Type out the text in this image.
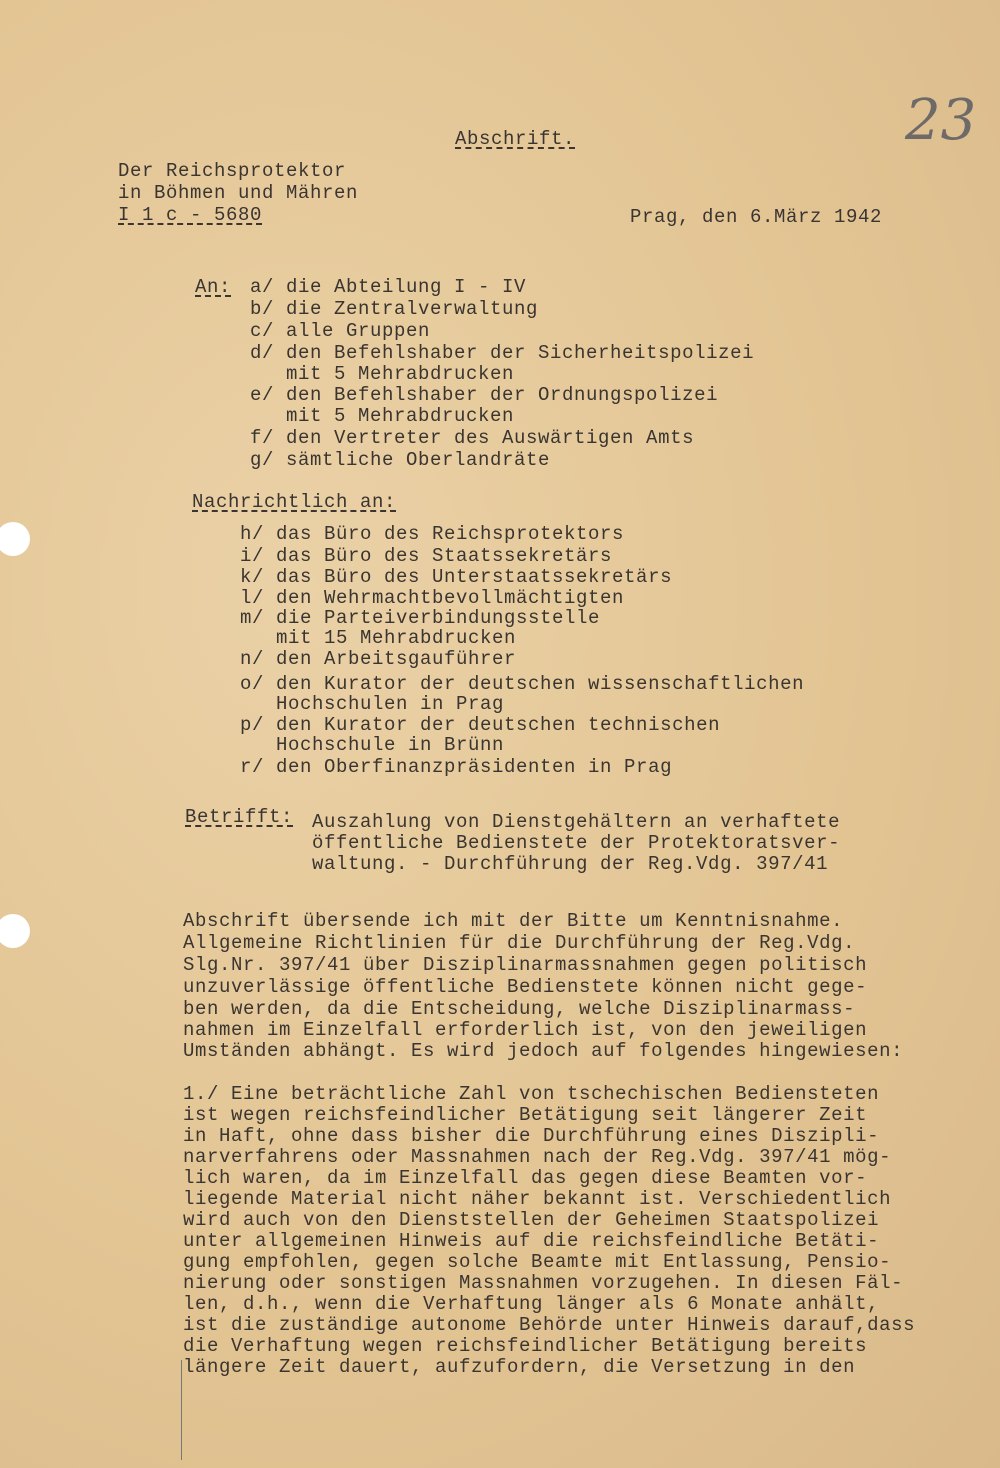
23
Abschrift.
Der Reichsprotektor
in Böhmen und Mähren
I 1 c - 5680	Prag, den 6.März 1942
An: a/ die Abteilung I - IV
b/ die Zentralverwaltung
c/ alle Gruppen
d/ den Befehlshaber der Sicherheitspolizei
mit 5 Mehrabdrucken
e/ den Befehlshaber der Ordnungspolizei
mit 5 Mehrabdrucken
f/ den Vertreter des Auswärtigen Amts
g/ sämtliche Oberlandräte
Nachrichtlich an:
h/ das Büro des Reichsprotektors
i/ das Büro des Staatssekretärs
k/ das Büro des Unterstaatssekretärs
l/ den Wehrmachtbevollmächtigten
m/ die Parteiverbindungsstelle
mit 15 Mehrabdrucken
n/ den Arbeitsgauführer
o/ den Kurator der deutschen wissenschaftlichen
Hochschulen in Prag
p/ den Kurator der deutschen technischen
Hochschule in Brünn
r/ den Oberfinanzpräsidenten in Prag
Betrifft: Auszahlung von Dienstgehältern an verhaftete
öffentliche Bedienstete der Protektoratsver-
waltung. - Durchführung der Reg.Vdg. 397/41
Abschrift übersende ich mit der Bitte um Kenntnisnahme.
Allgemeine Richtlinien für die Durchführung der Reg.Vdg.
Slg.Nr. 397/41 über Disziplinarmassnahmen gegen politisch
unzuverlässige öffentliche Bedienstete können nicht gege-
ben werden, da die Entscheidung, welche Disziplinarmass-
nahmen im Einzelfall erforderlich ist, von den jeweiligen
Umständen abhängt. Es wird jedoch auf folgendes hingewiesen:
1./ Eine beträchtliche Zahl von tschechischen Bediensteten
ist wegen reichsfeindlicher Betätigung seit längerer Zeit
in Haft, ohne dass bisher die Durchführung eines Diszipli-
narverfahrens oder Massnahmen nach der Reg.Vdg. 397/41 mög-
lich waren, da im Einzelfall das gegen diese Beamten vor-
liegende Material nicht näher bekannt ist. Verschiedentlich
wird auch von den Dienststellen der Geheimen Staatspolizei
unter allgemeinen Hinweis auf die reichsfeindliche Betäti-
gung empfohlen, gegen solche Beamte mit Entlassung, Pensio-
nierung oder sonstigen Massnahmen vorzugehen. In diesen Fäl-
len, d.h., wenn die Verhaftung länger als 6 Monate anhält,
ist die zuständige autonome Behörde unter Hinweis darauf,dass
die Verhaftung wegen reichsfeindlicher Betätigung bereits
längere Zeit dauert, aufzufordern, die Versetzung in den
